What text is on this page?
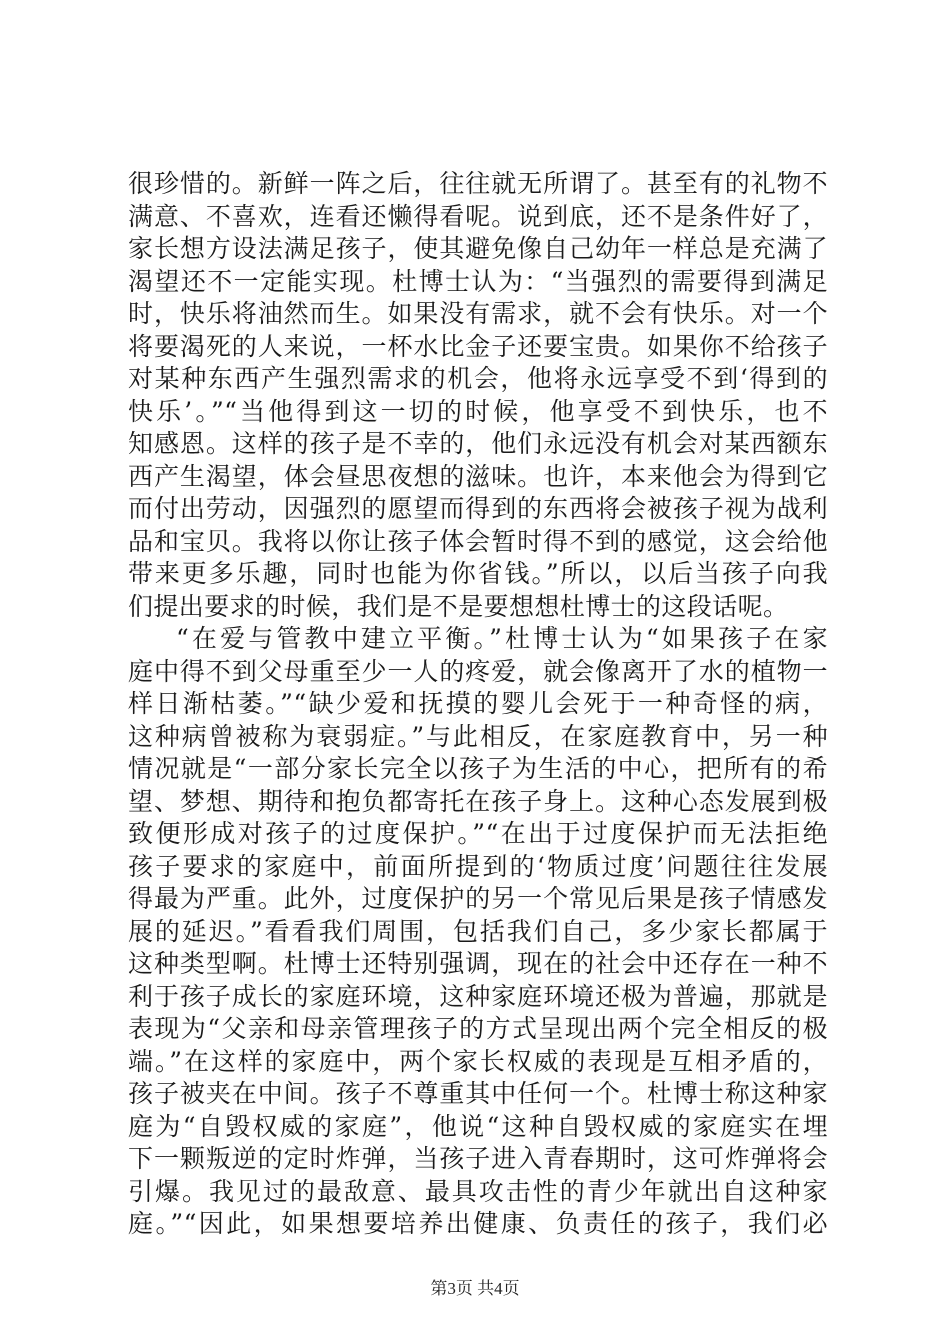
很珍惜的。新鲜一阵之后，往往就无所谓了。甚至有的礼物不
满意、不喜欢，连看还懒得看呢。说到底，还不是条件好了，
家长想方设法满足孩子，使其避免像自己幼年一样总是充满了
渴望还不一定能实现。杜博士认为：“当强烈的需要得到满足
时，快乐将油然而生。如果没有需求，就不会有快乐。对一个
将要渴死的人来说，一杯水比金子还要宝贵。如果你不给孩子
对某种东西产生强烈需求的机会，他将永远享受不到‘得到的
快乐’。”“当他得到这一切的时候，他享受不到快乐，也不
知感恩。这样的孩子是不幸的，他们永远没有机会对某西额东
西产生渴望，体会昼思夜想的滋味。也许，本来他会为得到它
而付出劳动，因强烈的愿望而得到的东西将会被孩子视为战利
品和宝贝。我将以你让孩子体会暂时得不到的感觉，这会给他
带来更多乐趣，同时也能为你省钱。”所以，以后当孩子向我
们提出要求的时候，我们是不是要想想杜博士的这段话呢。
“在爱与管教中建立平衡。”杜博士认为“如果孩子在家
庭中得不到父母重至少一人的疼爱，就会像离开了水的植物一
样日渐枯萎。”“缺少爱和抚摸的婴儿会死于一种奇怪的病，
这种病曾被称为衰弱症。”与此相反，在家庭教育中，另一种
情况就是“一部分家长完全以孩子为生活的中心，把所有的希
望、梦想、期待和抱负都寄托在孩子身上。这种心态发展到极
致便形成对孩子的过度保护。”“在出于过度保护而无法拒绝
孩子要求的家庭中，前面所提到的‘物质过度’问题往往发展
得最为严重。此外，过度保护的另一个常见后果是孩子情感发
展的延迟。”看看我们周围，包括我们自己，多少家长都属于
这种类型啊。杜博士还特别强调，现在的社会中还存在一种不
利于孩子成长的家庭环境，这种家庭环境还极为普遍，那就是
表现为“父亲和母亲管理孩子的方式呈现出两个完全相反的极
端。”在这样的家庭中，两个家长权威的表现是互相矛盾的，
孩子被夹在中间。孩子不尊重其中任何一个。杜博士称这种家
庭为“自毁权威的家庭”，他说“这种自毁权威的家庭实在埋
下一颗叛逆的定时炸弹，当孩子进入青春期时，这可炸弹将会
引爆。我见过的最敌意、最具攻击性的青少年就出自这种家
庭。”“因此，如果想要培养出健康、负责任的孩子，我们必
第3页 共4页
